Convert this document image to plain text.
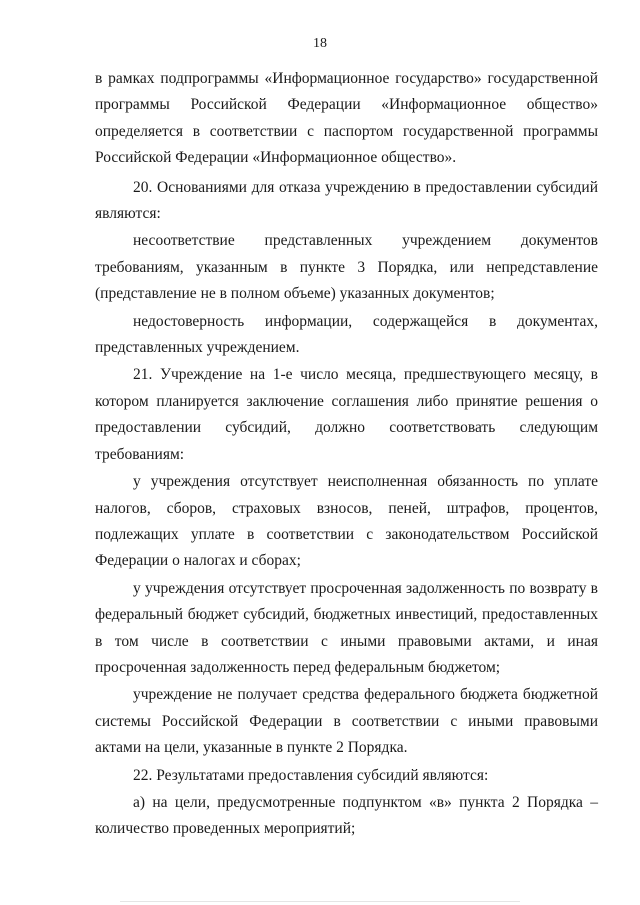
18

в рамках подпрограммы «Информационное государство» государственной программы Российской Федерации «Информационное общество» определяется в соответствии с паспортом государственной программы Российской Федерации «Информационное общество».

20. Основаниями для отказа учреждению в предоставлении субсидий являются:

несоответствие представленных учреждением документов требованиям, указанным в пункте 3 Порядка, или непредставление (представление не в полном объеме) указанных документов;

недостоверность информации, содержащейся в документах, представленных учреждением.

21. Учреждение на 1-е число месяца, предшествующего месяцу, в котором планируется заключение соглашения либо принятие решения о предоставлении субсидий, должно соответствовать следующим требованиям:

у учреждения отсутствует неисполненная обязанность по уплате налогов, сборов, страховых взносов, пеней, штрафов, процентов, подлежащих уплате в соответствии с законодательством Российской Федерации о налогах и сборах;

у учреждения отсутствует просроченная задолженность по возврату в федеральный бюджет субсидий, бюджетных инвестиций, предоставленных в том числе в соответствии с иными правовыми актами, и иная просроченная задолженность перед федеральным бюджетом;

учреждение не получает средства федерального бюджета бюджетной системы Российской Федерации в соответствии с иными правовыми актами на цели, указанные в пункте 2 Порядка.

22. Результатами предоставления субсидий являются:

а) на цели, предусмотренные подпунктом «в» пункта 2 Порядка – количество проведенных мероприятий;
